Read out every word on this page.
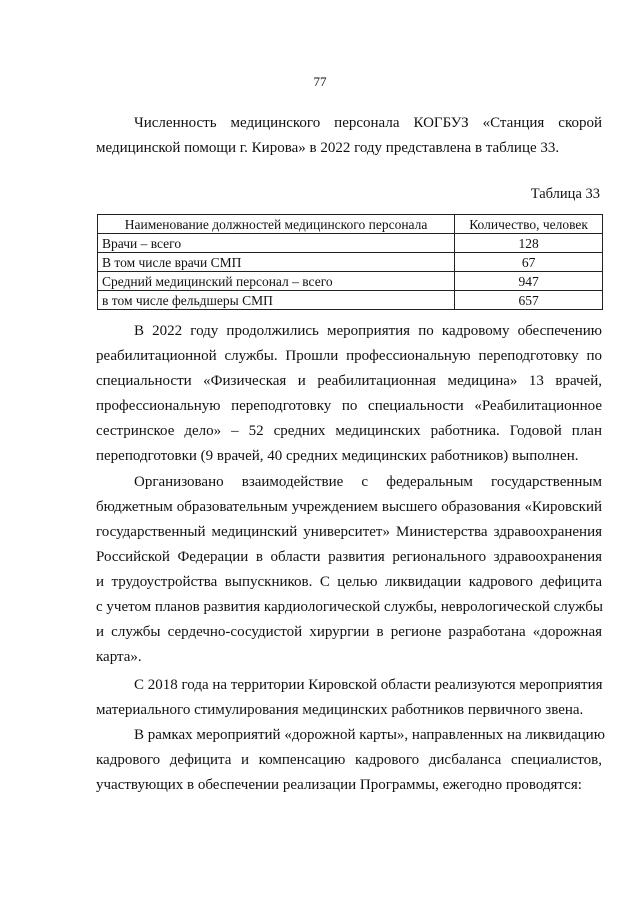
77
Численность медицинского персонала КОГБУЗ «Станция скорой
медицинской помощи г. Кирова» в 2022 году представлена в таблице 33.
Таблица 33
Наименование должностей медицинского персонала	Количество, человек
Врачи – всего	128
В том числе врачи СМП	67
Средний медицинский персонал – всего	947
в том числе фельдшеры СМП	657
В 2022 году продолжились мероприятия по кадровому обеспечению
реабилитационной службы. Прошли профессиональную переподготовку по
специальности «Физическая и реабилитационная медицина» 13 врачей,
профессиональную переподготовку по специальности «Реабилитационное
сестринское дело» – 52 средних медицинских работника. Годовой план
переподготовки (9 врачей, 40 средних медицинских работников) выполнен.
Организовано взаимодействие с федеральным государственным
бюджетным образовательным учреждением высшего образования «Кировский
государственный медицинский университет» Министерства здравоохранения
Российской Федерации в области развития регионального здравоохранения
и трудоустройства выпускников. С целью ликвидации кадрового дефицита
с учетом планов развития кардиологической службы, неврологической службы
и службы сердечно-сосудистой хирургии в регионе разработана «дорожная
карта».
С 2018 года на территории Кировской области реализуются мероприятия
материального стимулирования медицинских работников первичного звена.
В рамках мероприятий «дорожной карты», направленных на ликвидацию
кадрового дефицита и компенсацию кадрового дисбаланса специалистов,
участвующих в обеспечении реализации Программы, ежегодно проводятся:
